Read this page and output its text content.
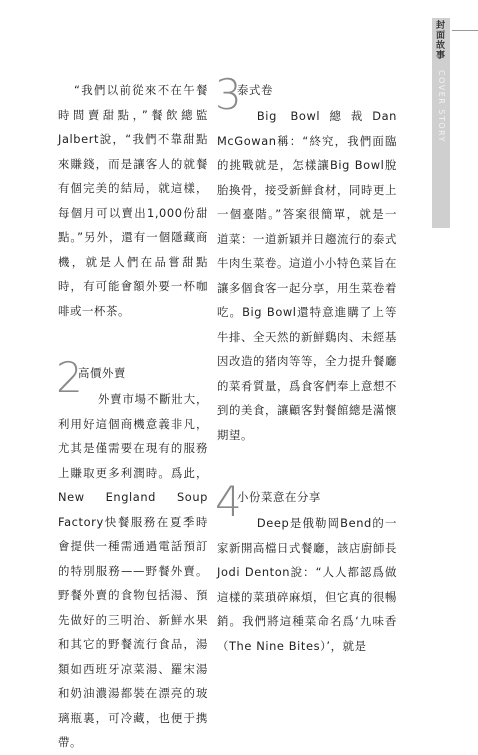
封面故事
COVER STORY

“我們以前從來不在午餐時間賣甜點，”餐飲總監Jalbert說，“我們不靠甜點來賺錢，而是讓客人的就餐有個完美的結局，就這樣，每個月可以賣出1,000份甜點。”另外，還有一個隱藏商機，就是人們在品嘗甜點時，有可能會額外要一杯咖啡或一杯茶。

2
高價外賣

外賣市場不斷壯大，利用好這個商機意義非凡，尤其是僅需要在現有的服務上賺取更多利潤時。爲此，New England Soup Factory快餐服務在夏季時會提供一種需通過電話預訂的特別服務——野餐外賣。野餐外賣的食物包括湯、預先做好的三明治、新鮮水果和其它的野餐流行食品，湯類如西班牙凉菜湯、羅宋湯和奶油濃湯都裝在漂亮的玻璃瓶裏，可冷藏，也便于携帶。

3
泰式卷

Big Bowl總裁Dan McGowan稱：“終究，我們面臨的挑戰就是，怎樣讓Big Bowl脫胎換骨，接受新鮮食材，同時更上一個臺階。”答案很簡單，就是一道菜：一道新穎并日趨流行的泰式牛肉生菜卷。這道小小特色菜旨在讓多個食客一起分享，用生菜卷着吃。Big Bowl還特意進購了上等牛排、全天然的新鮮鷄肉、未經基因改造的猪肉等等，全力提升餐廳的菜肴質量，爲食客們奉上意想不到的美食，讓顧客對餐館總是滿懷期望。

4
小份菜意在分享

Deep是俄勒岡Bend的一家新開高檔日式餐廳，該店廚師長Jodi Denton說：“人人都認爲做這樣的菜瑣碎麻煩，但它真的很暢銷。我們將這種菜命名爲‘九味香（The Nine Bites）’，就是
